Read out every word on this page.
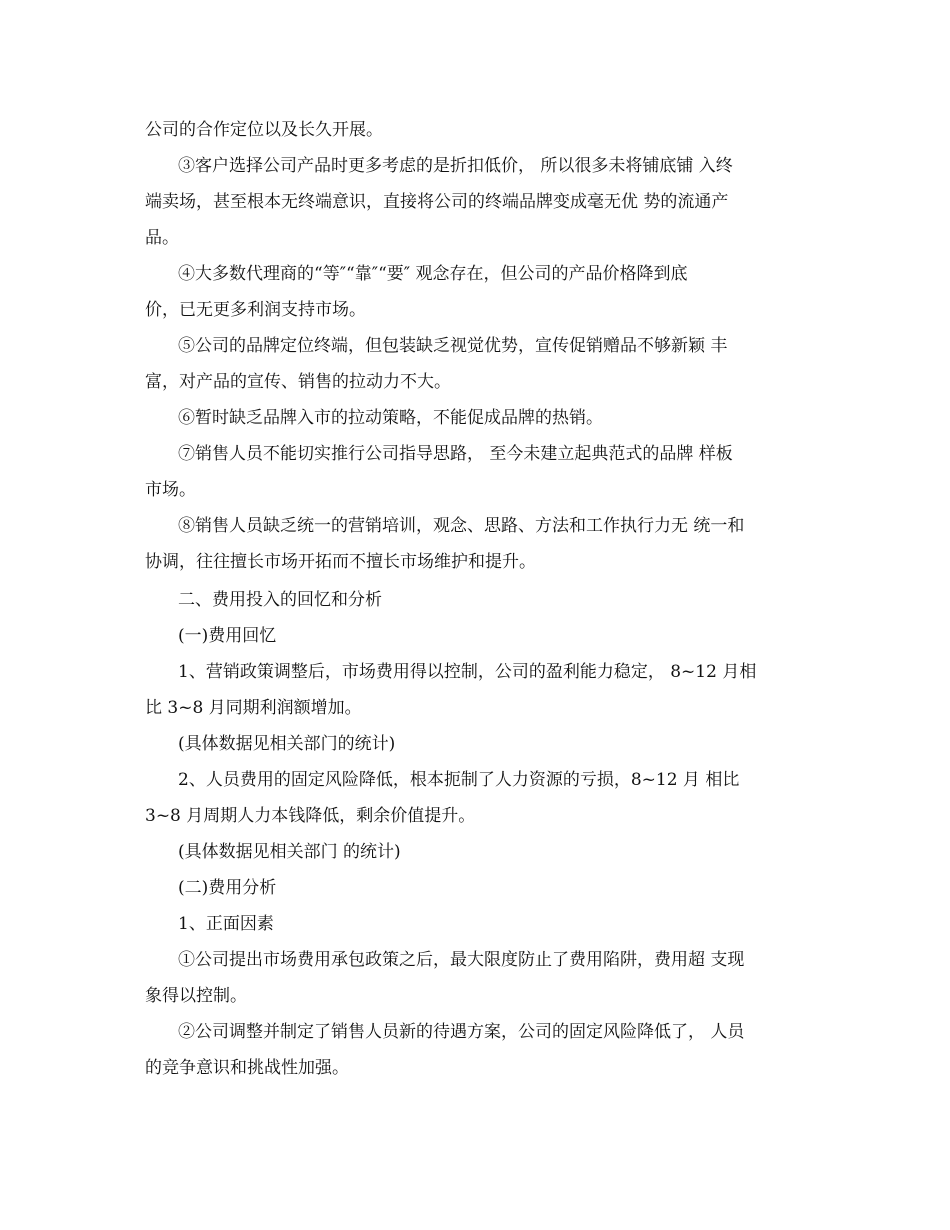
公司的合作定位以及长久开展。
③客户选择公司产品时更多考虑的是折扣低价， 所以很多未将铺底铺 入终
端卖场，甚至根本无终端意识，直接将公司的终端品牌变成毫无优 势的流通产
品。
④大多数代理商的“等″“靠″“要″ 观念存在，但公司的产品价格降到底
价，已无更多利润支持市场。
⑤公司的品牌定位终端，但包装缺乏视觉优势，宣传促销赠品不够新颖 丰
富，对产品的宣传、销售的拉动力不大。
⑥暂时缺乏品牌入市的拉动策略，不能促成品牌的热销。
⑦销售人员不能切实推行公司指导思路， 至今未建立起典范式的品牌 样板
市场。
⑧销售人员缺乏统一的营销培训，观念、思路、方法和工作执行力无 统一和
协调，往往擅长市场开拓而不擅长市场维护和提升。
二、费用投入的回忆和分析
(一)费用回忆
1、营销政策调整后，市场费用得以控制，公司的盈利能力稳定， 8~12 月相
比 3~8 月同期利润额增加。
(具体数据见相关部门的统计)
2、人员费用的固定风险降低，根本扼制了人力资源的亏损，8~12 月 相比
3~8 月周期人力本钱降低，剩余价值提升。
(具体数据见相关部门 的统计)
(二)费用分析
1、正面因素
①公司提出市场费用承包政策之后，最大限度防止了费用陷阱，费用超 支现
象得以控制。
②公司调整并制定了销售人员新的待遇方案，公司的固定风险降低了， 人员
的竞争意识和挑战性加强。
